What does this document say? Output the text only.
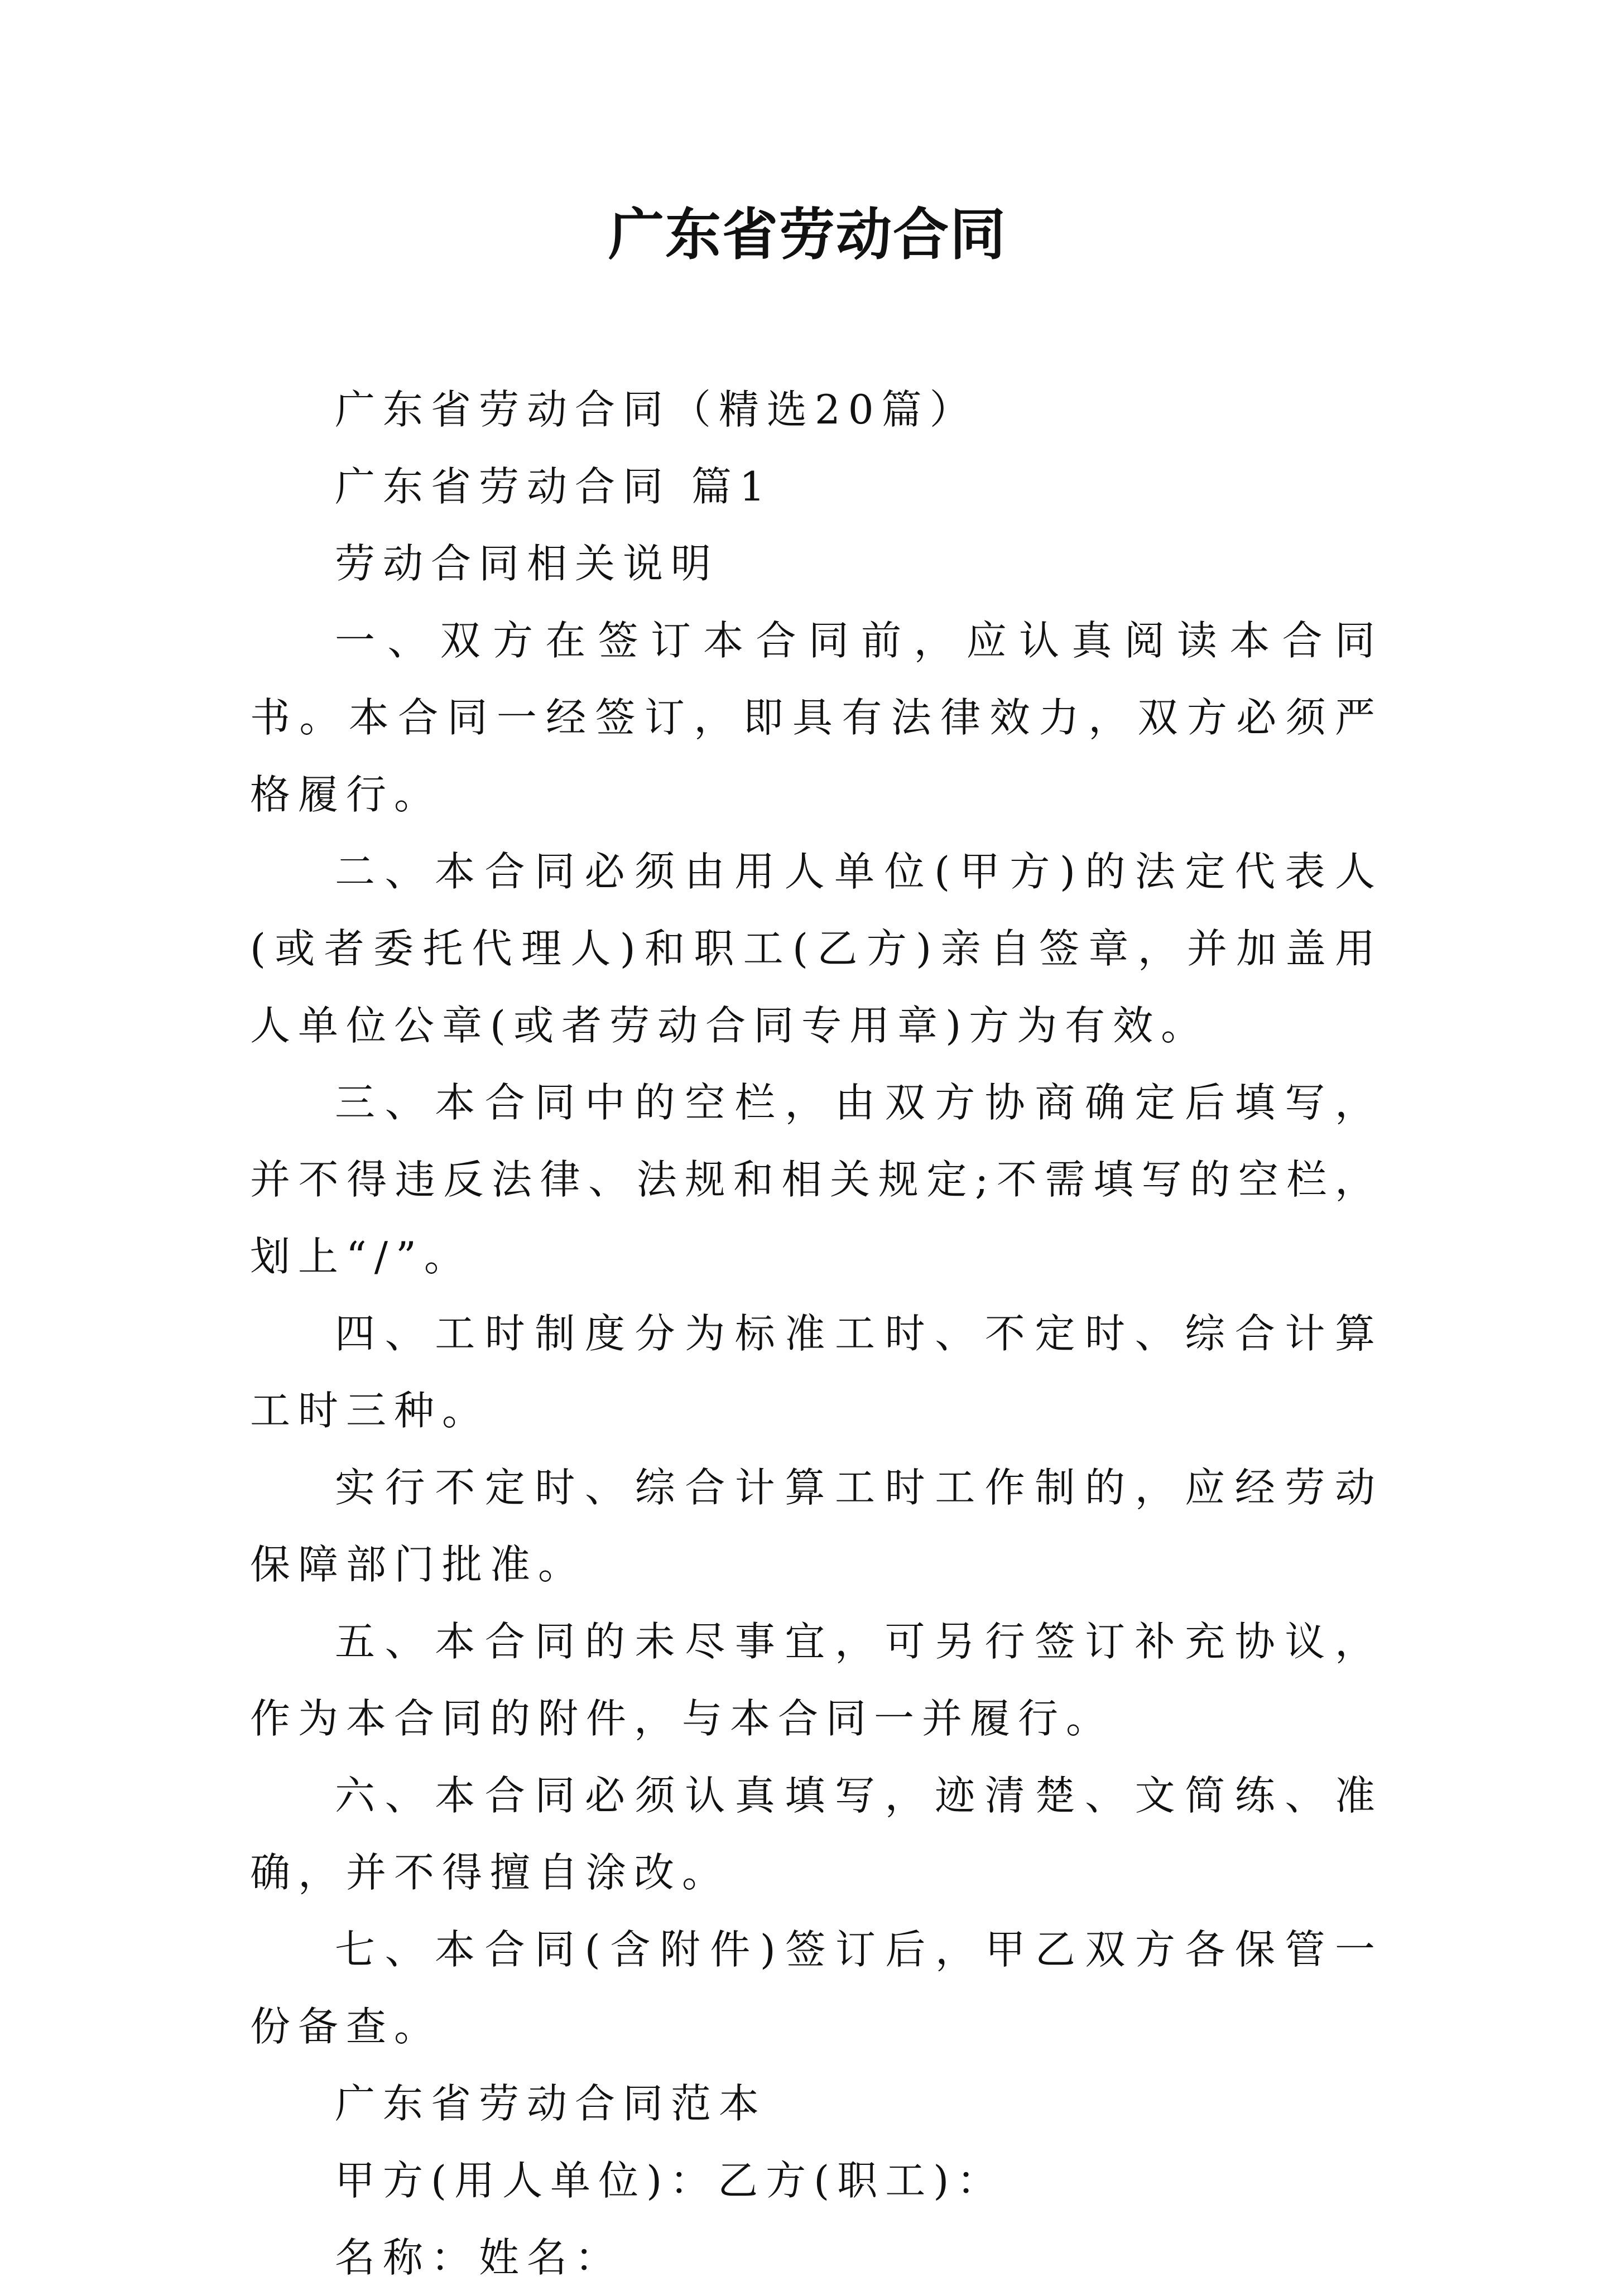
广东省劳动合同

广东省劳动合同（精选20篇）

广东省劳动合同 篇1

劳动合同相关说明

一、双方在签订本合同前，应认真阅读本合同书。本合同一经签订，即具有法律效力，双方必须严格履行。

二、本合同必须由用人单位(甲方)的法定代表人(或者委托代理人)和职工(乙方)亲自签章，并加盖用人单位公章(或者劳动合同专用章)方为有效。

三、本合同中的空栏，由双方协商确定后填写，并不得违反法律、法规和相关规定;不需填写的空栏，划上“/”。

四、工时制度分为标准工时、不定时、综合计算工时三种。

实行不定时、综合计算工时工作制的，应经劳动保障部门批准。

五、本合同的未尽事宜，可另行签订补充协议，作为本合同的附件，与本合同一并履行。

六、本合同必须认真填写，迹清楚、文简练、准确，并不得擅自涂改。

七、本合同(含附件)签订后，甲乙双方各保管一份备查。

广东省劳动合同范本

甲方(用人单位)：乙方(职工)：

名称：姓名：
